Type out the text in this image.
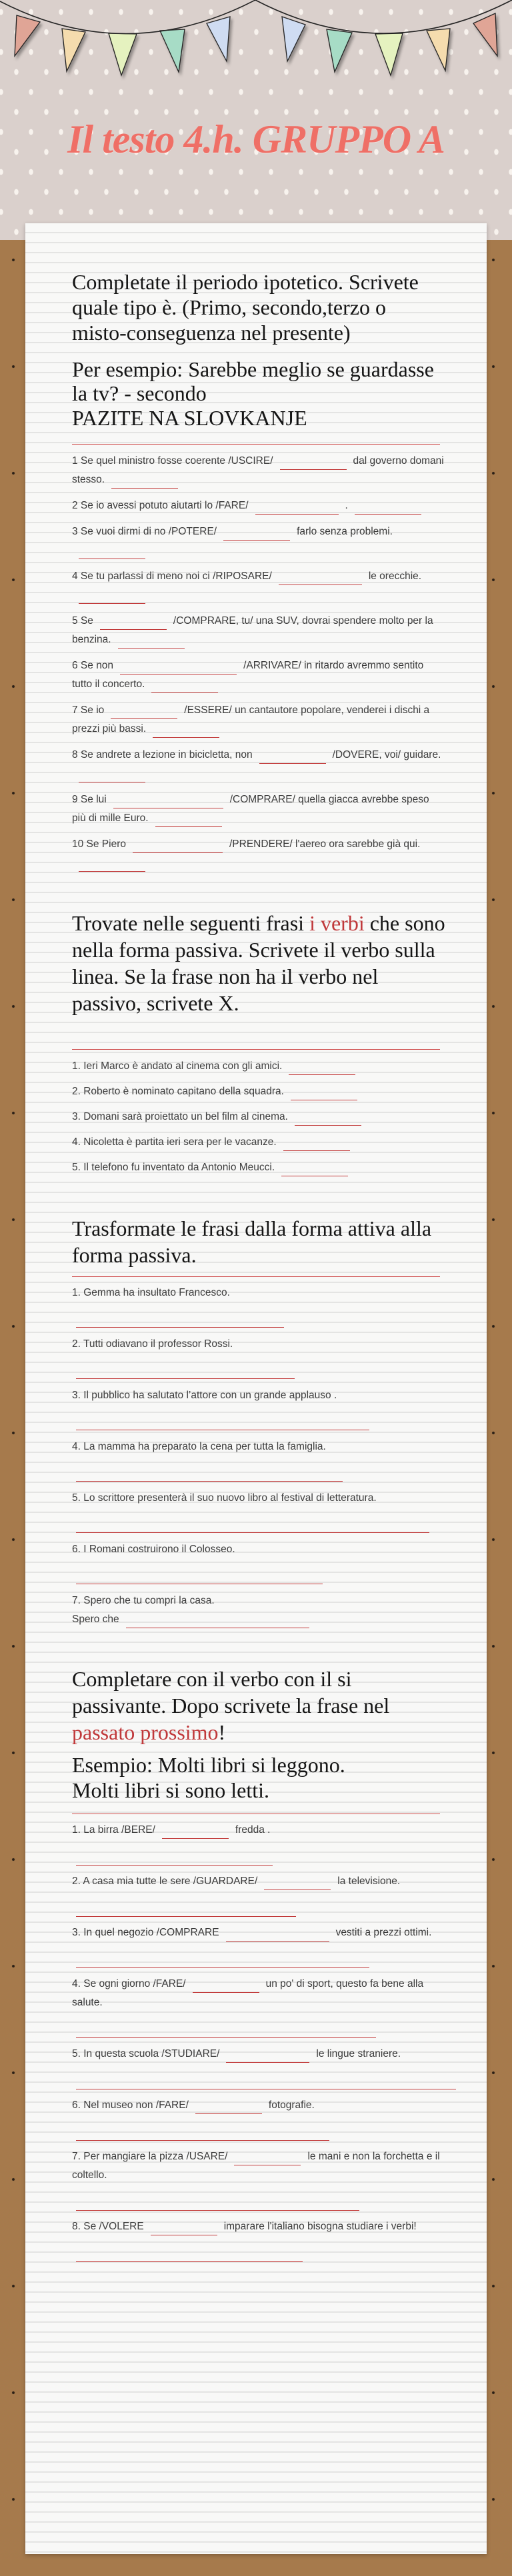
Il testo 4.h. GRUPPO A

Completate il periodo ipotetico. Scrivete quale tipo è. (Primo, secondo,terzo o misto-conseguenza nel presente)

Per esempio: Sarebbe meglio se guardasse la tv? - secondo

PAZITE NA SLOVKANJE

1 Se quel ministro fosse coerente /USCIRE/	dal governo domani stesso.

2 Se io avessi potuto aiutarti lo /FARE/	.

3 Se vuoi dirmi di no /POTERE/	farlo senza problemi.

4 Se tu parlassi di meno noi ci /RIPOSARE/	le orecchie.

5 Se	/COMPRARE, tu/ una SUV, dovrai spendere molto per la benzina.

6 Se non	/ARRIVARE/ in ritardo avremmo sentito tutto il concerto.

7 Se io	/ESSERE/ un cantautore popolare, venderei i dischi a prezzi più bassi.

8 Se andrete a lezione in bicicletta, non	/DOVERE, voi/ guidare.

9 Se lui	/COMPRARE/ quella giacca avrebbe speso più di mille Euro.

10 Se Piero	/PRENDERE/ l'aereo ora sarebbe già qui.

Trovate nelle seguenti frasi i verbi che sono nella forma passiva. Scrivete il verbo sulla linea. Se la frase non ha il verbo nel passivo, scrivete X.

1. Ieri Marco è andato al cinema con gli amici.

2. Roberto è nominato capitano della squadra.

3. Domani sarà proiettato un bel film al cinema.

4. Nicoletta è partita ieri sera per le vacanze.

5. Il telefono fu inventato da Antonio Meucci.

Trasformate le frasi dalla forma attiva alla forma passiva.

1. Gemma ha insultato Francesco.

2. Tutti odiavano il professor Rossi.

3. Il pubblico ha salutato l’attore con un grande applauso .

4. La mamma ha preparato la cena per tutta la famiglia.

5. Lo scrittore presenterà il suo nuovo libro al festival di letteratura.

6. I Romani costruirono il Colosseo.

7. Spero che tu compri la casa.
Spero che

Completare con il verbo con il si passivante. Dopo scrivete la frase nel passato prossimo!

Esempio: Molti libri si leggono.

Molti libri si sono letti.

1. La birra /BERE/	fredda .

2. A casa mia tutte le sere /GUARDARE/	la televisione.

3. In quel negozio /COMPRARE	vestiti a prezzi ottimi.

4. Se ogni giorno /FARE/	un po' di sport, questo fa bene alla salute.

5. In questa scuola /STUDIARE/	le lingue straniere.

6. Nel museo non /FARE/	fotografie.

7. Per mangiare la pizza /USARE/	le mani e non la forchetta e il coltello.

8. Se /VOLERE	imparare l'italiano bisogna studiare i verbi!
